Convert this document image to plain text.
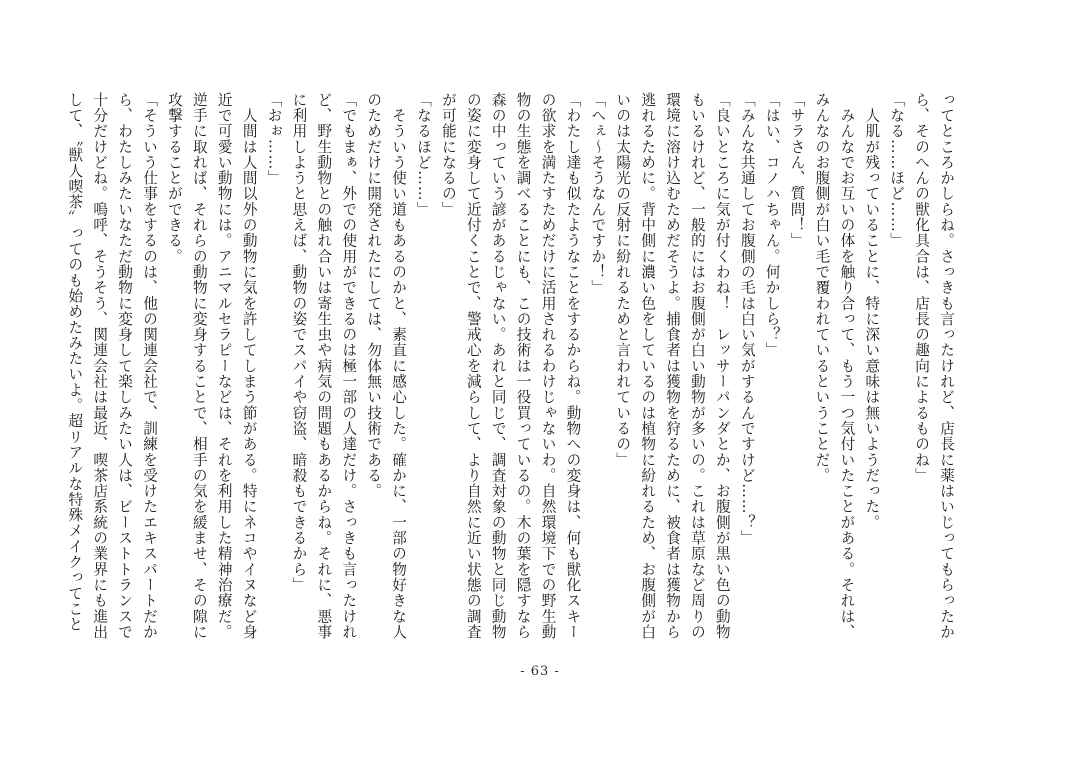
ってところかしらね。さっきも言ったけれど、店長に薬はいじってもらったか
ら、そのへんの獣化具合は、店長の趣向によるものね」
「なる……ほど……」
　人肌が残っていることに、特に深い意味は無いようだった。
　みんなでお互いの体を触り合って、もう一つ気付いたことがある。それは、
みんなのお腹側が白い毛で覆われているということだ。
「サラさん、質問！」
「はい、コノハちゃん。何かしら？」
「みんな共通してお腹側の毛は白い気がするんですけど……？」
「良いところに気が付くわね！　レッサーパンダとか、お腹側が黒い色の動物
もいるけれど、一般的にはお腹側が白い動物が多いの。これは草原など周りの
環境に溶け込むためだそうよ。捕食者は獲物を狩るために、被食者は獲物から
逃れるために。背中側に濃い色をしているのは植物に紛れるため、お腹側が白
いのは太陽光の反射に紛れるためと言われているの」
「へぇ～そうなんですか！」
「わたし達も似たようなことをするからね。動物への変身は、何も獣化スキー
の欲求を満たすためだけに活用されるわけじゃないわ。自然環境下での野生動
物の生態を調べることにも、この技術は一役買っているの。木の葉を隠すなら
森の中っていう諺があるじゃない。あれと同じで、調査対象の動物と同じ動物
の姿に変身して近付くことで、警戒心を減らして、より自然に近い状態の調査
が可能になるの」
「なるほど……」
　そういう使い道もあるのかと、素直に感心した。確かに、一部の物好きな人
のためだけに開発されたにしては、勿体無い技術である。
「でもまぁ、外での使用ができるのは極一部の人達だけ。さっきも言ったけれ
ど、野生動物との触れ合いは寄生虫や病気の問題もあるからね。それに、悪事
に利用しようと思えば、動物の姿でスパイや窃盗、暗殺もできるから」
「おぉ……」
　人間は人間以外の動物に気を許してしまう節がある。特にネコやイヌなど身
近で可愛い動物には。アニマルセラピーなどは、それを利用した精神治療だ。
逆手に取れば、それらの動物に変身することで、相手の気を緩ませ、その隙に
攻撃することができる。
「そういう仕事をするのは、他の関連会社で、訓練を受けたエキスパートだか
ら、わたしみたいなただ動物に変身して楽しみたい人は、ビーストトランスで
十分だけどね。嗚呼、そうそう、関連会社は最近、喫茶店系統の業界にも進出
して、〝獣人喫茶〟ってのも始めたみたいよ。超リアルな特殊メイクってこと
- 63 -
